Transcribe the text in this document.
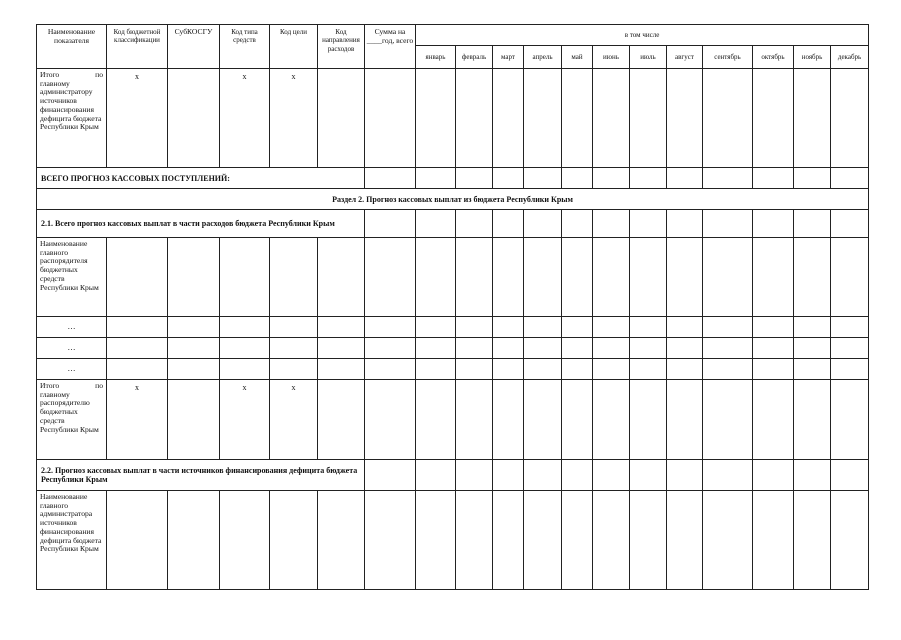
Наименование показателя	Код бюджетной классификации	СубКОСГУ	Код типа средств	Код цели	Код направления расходов	Сумма на ____год, всего	в том числе											
							январь	февраль	март	апрель	май	июнь	июль	август	сентябрь	октябрь	ноябрь	декабрь

Итого по
главному администратору источников финансирования дефицита бюджета Республики Крым	x		x	x														
ВСЕГО ПРОГНОЗ КАССОВЫХ ПОСТУПЛЕНИЙ:																		
Раздел 2. Прогноз кассовых выплат из бюджета Республики Крым																		
2.1. Всего прогноз кассовых выплат в части расходов бюджета Республики Крым																		
Наименование главного распорядителя бюджетных средств Республики Крым																		
…																		
…																		
…																		

Итого по
главному распорядителю бюджетных средств Республики Крым	x		x	x														
2.2. Прогноз кассовых выплат в части источников финансирования дефицита бюджета Республики Крым																		
Наименование главного администратора источников финансирования дефицита бюджета Республики Крым																		
